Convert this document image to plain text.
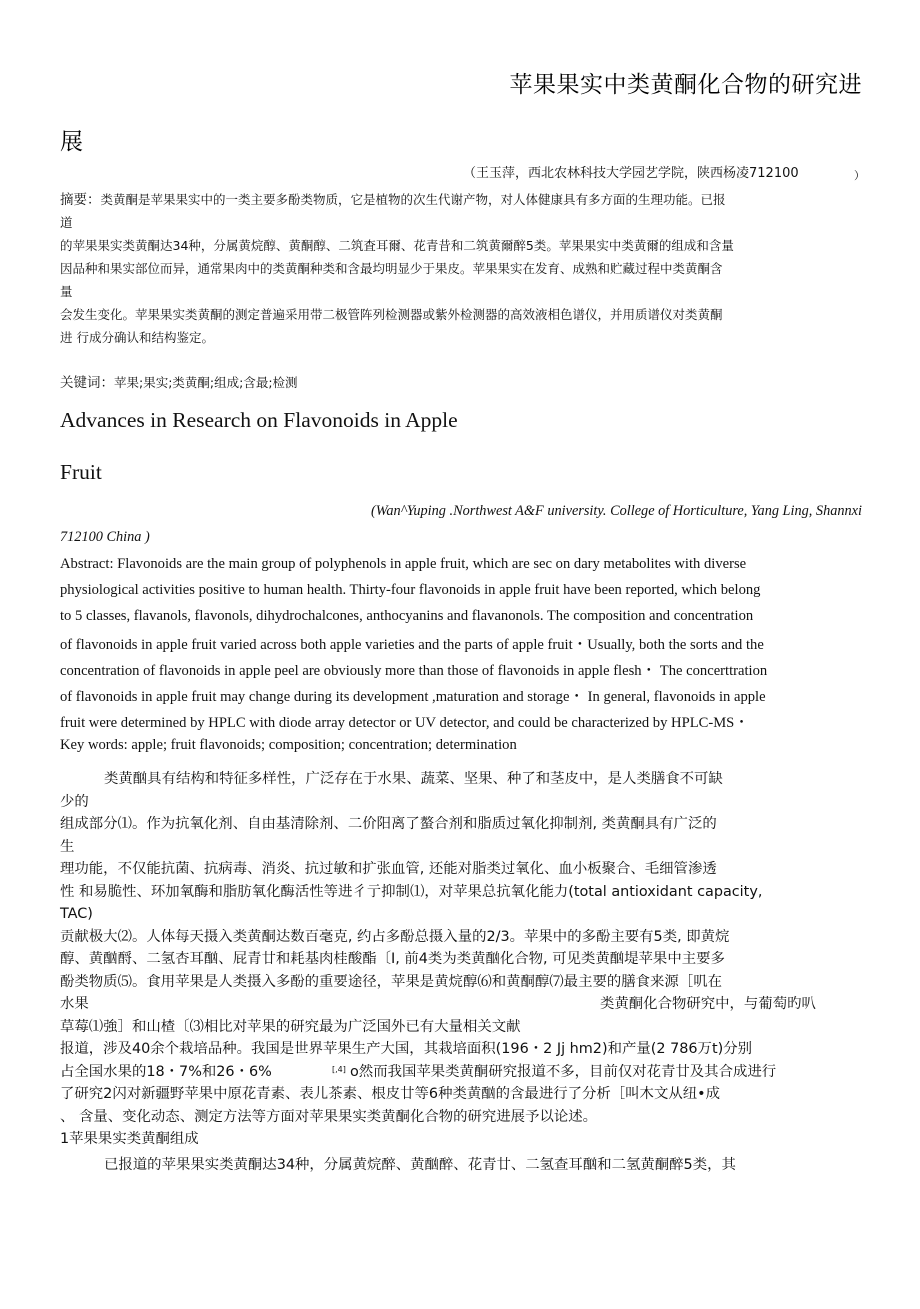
苹果果实中类黄酮化合物的研究进

展

（王玉萍，西北农林科技大学园艺学院，陕西杨凌712100	）

摘要：类黄酮是苹果果实中的一类主要多酚类物质，它是植物的次生代谢产物，对人体健康具有多方面的生理功能。已报
道
的苹果果实类黄酮达34种，分属黄烷醇、黄酮醇、二筑査耳爾、花青昔和二筑黄爾醉5类。苹果果实中类黄爾的组成和含量
因品种和果实部位而异，通常果肉中的类黄酮种类和含最均明显少于果皮。苹果果实在发育、成熟和贮藏过程中类黄酮含
量
会发生变化。苹果果实类黄酮的测定普遍采用带二极管阵列检测器或紫外检测器的高效液相色谱仪，并用质谱仪对类黄酮
进 行成分确认和结构鉴定。

关键词：苹果;果实;类黄酮;组成;含最;检测

Advances in Research on Flavonoids in Apple

Fruit

(Wan^Yuping .Northwest A&F university. College of Horticulture, Yang Ling, Shannxi

712100 China )

Abstract: Flavonoids are the main group of polyphenols in apple fruit, which are sec on dary metabolites with diverse
physiological activities positive to human health. Thirty-four flavonoids in apple fruit have been reported, which belong
to 5 classes, flavanols, flavonols, dihydrochalcones, anthocyanins and flavanonols. The composition and concentration
of flavonoids in apple fruit varied across both apple varieties and the parts of apple fruit・Usually, both the sorts and the
concentration of flavonoids in apple peel are obviously more than those of flavonoids in apple flesh・ The concerttration
of flavonoids in apple fruit may change during its development ,maturation and storage・ In general, flavonoids in apple
fruit were determined by HPLC with diode array detector or UV detector, and could be characterized by HPLC-MS・
Key words: apple; fruit flavonoids; composition; concentration; determination
类黄酗具有结构和特征多样性，广泛存在于水果、蔬菜、坚果、种了和茎皮中，是人类膳食不可缺
少的
组成部分⑴。作为抗氧化剂、自由基清除剂、二价阳离了螯合剂和脂质过氧化抑制剂, 类黄酮具有广泛的
生
理功能，不仅能抗菌、抗病毒、消炎、抗过敏和扩张血管, 还能对脂类过氧化、血小板聚合、毛细管渗透
性 和易脆性、环加氧酶和脂肪氧化酶活性等进彳亍抑制⑴，对苹果总抗氧化能力(total antioxidant capacity,
TAC)
贡献极大⑵。人体每天摄入类黄酮达数百毫克, 约占多酚总摄入量的2/3。苹果中的多酚主要有5类, 即黄烷
醇、黄酗酹、二氢杏耳酗、屁青廿和耗基肉桂酸酯〔I, 前4类为类黄酗化合物, 可见类黄酗堤苹果中主要多
酚类物质⑸。食用苹果是人类摄入多酚的重要途径，苹果是黄烷醇⑹和黄酮醇⑺最主要的膳食来源［叽在
水果	类黄酮化合物研究中，与葡萄旳叭
草莓⑴強］和山楂〔⑶相比对苹果的研究最为广泛国外已有大量相关文献
报道，涉及40余个栽培品种。我国是世界苹果生产大国，其栽培面积(196・2 Jj hm2)和产量(2 786万t)分别
占全国水果的18・7%和26・6%	[,4] o然而我国苹果类黄酮研究报道不多，目前仅对花青廿及其合成进行
了研究2闪对新疆野苹果中原花青素、表儿茶素、根皮廿等6种类黄酗的含最进行了分析［叫木文从纽•成
、 含量、变化动态、测定方法等方面对苹果果实类黄酮化合物的研究进展予以论述。
1苹果果实类黄酮组成
已报道的苹果果实类黄酮达34种，分属黄烷醉、黄酗醉、花青廿、二氢查耳酗和二氢黄酮醉5类，其
